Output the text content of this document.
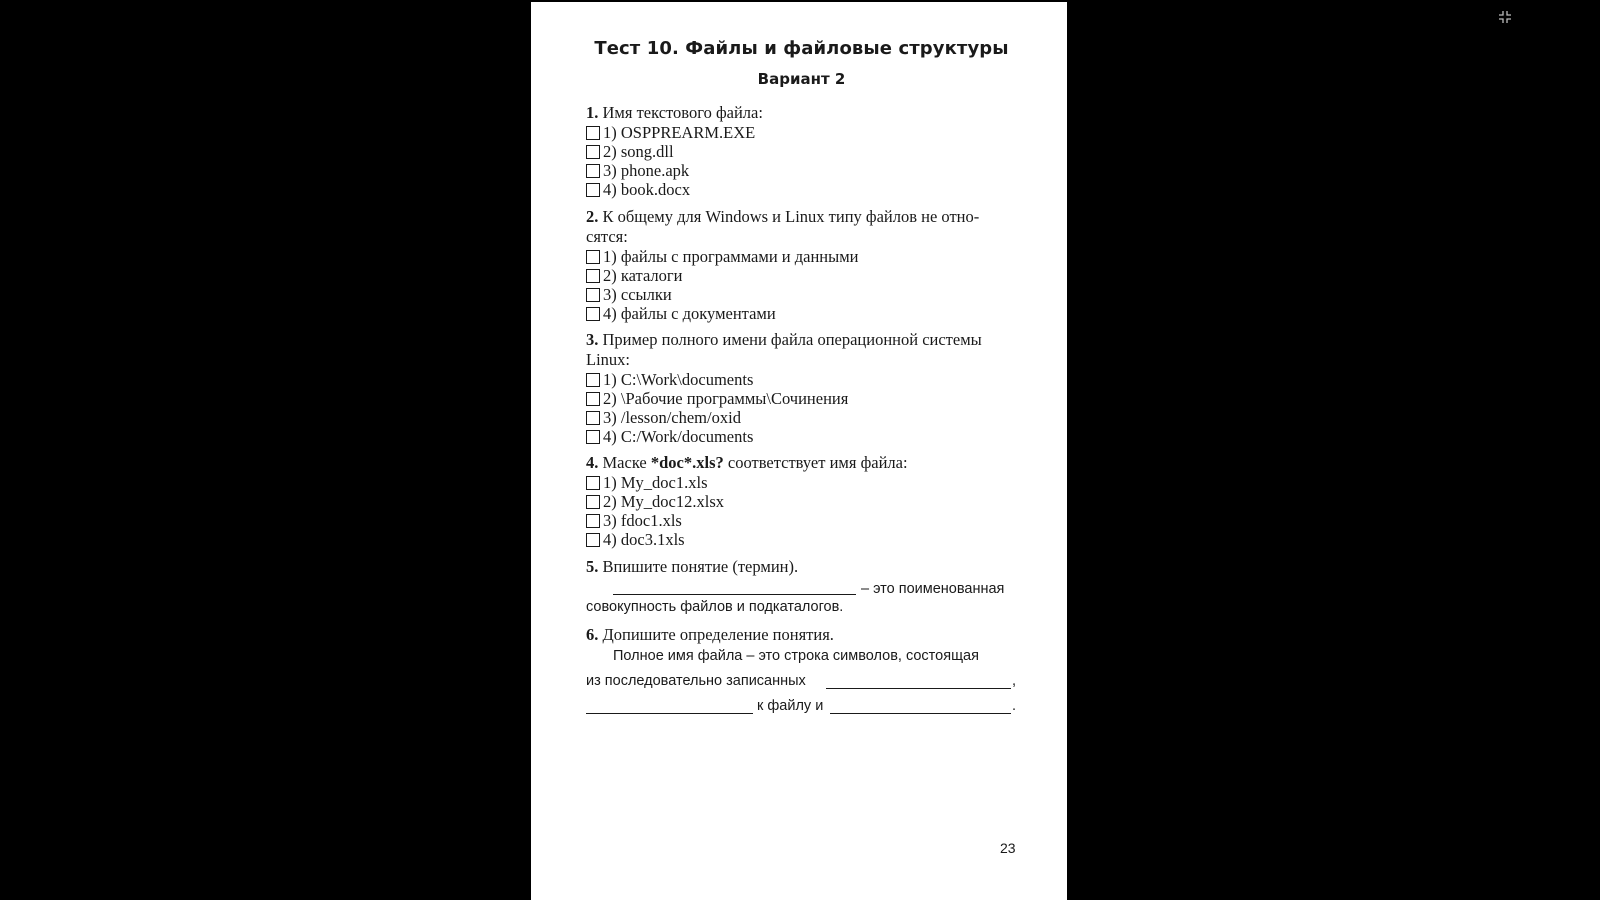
Тест 10. Файлы и файловые структуры
Вариант 2
1. Имя текстового файла:
1) OSPPREARM.EXE
2) song.dll
3) phone.apk
4) book.docx
2. К общему для Windows и Linux типу файлов не отно-
сятся:
1) файлы с программами и данными
2) каталоги
3) ссылки
4) файлы с документами
3. Пример полного имени файла операционной системы
Linux:
1) C:\Work\documents
2) \Рабочие программы\Сочинения
3) /lesson/chem/oxid
4) C:/Work/documents
4. Маске *doc*.xls? соответствует имя файла:
1) My_doc1.xls
2) My_doc12.xlsx
3) fdoc1.xls
4) doc3.1xls
5. Впишите понятие (термин).
– это поименованная
совокупность файлов и подкаталогов.
6. Допишите определение понятия.
Полное имя файла – это строка символов, состоящая
из последовательно записанных	,
к файлу и	.
23
